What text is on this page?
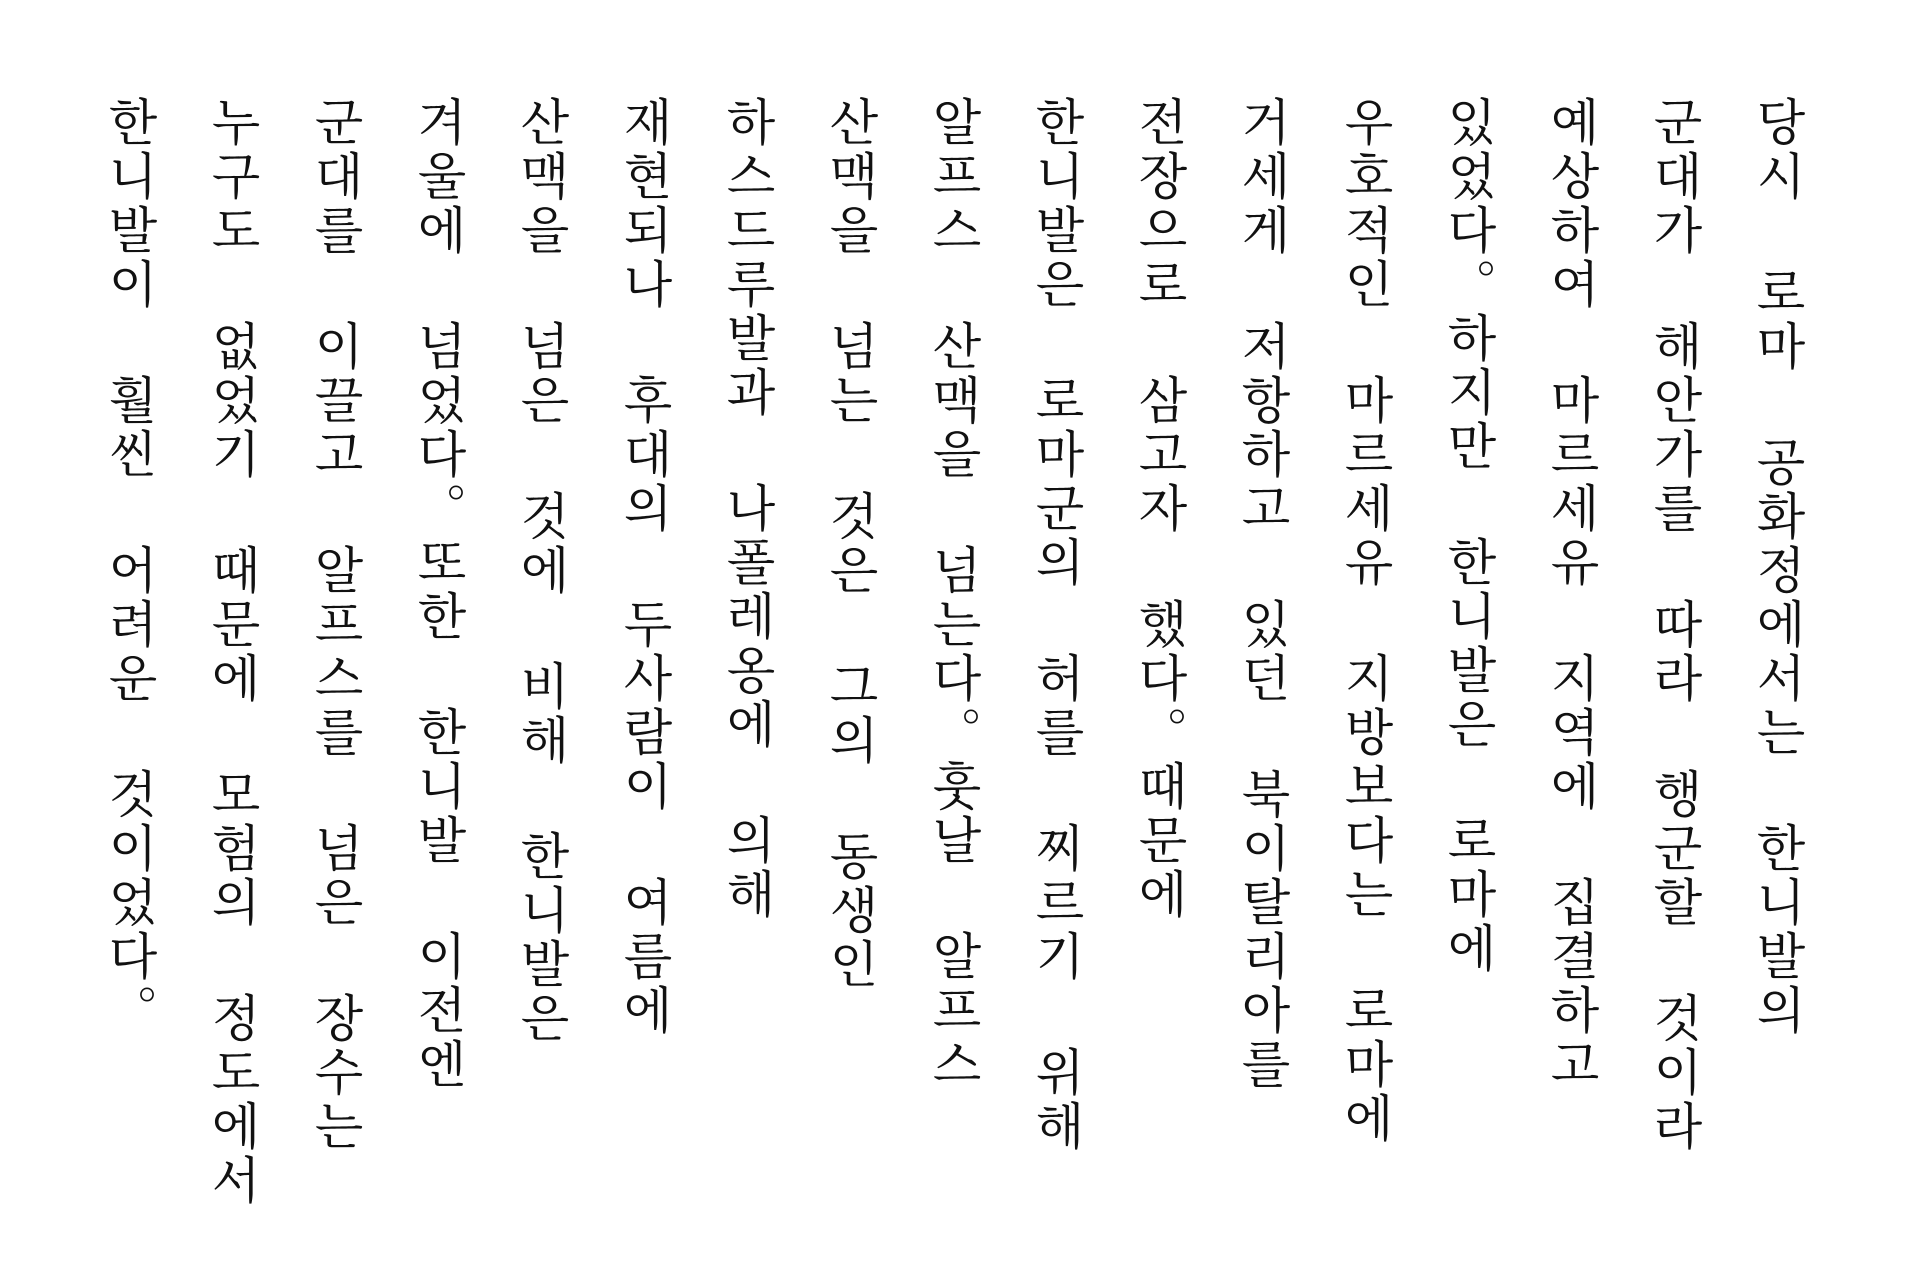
당시 로마 공화정에서는 한니발의
군대가 해안가를 따라 행군할 것이라
예상하여 마르세유 지역에 집결하고
있었다。하지만 한니발은 로마에
우호적인 마르세유 지방보다는 로마에
거세게 저항하고 있던 북이탈리아를
전장으로 삼고자 했다。때문에
한니발은 로마군의 허를 찌르기 위해
알프스 산맥을 넘는다。훗날 알프스
산맥을 넘는 것은 그의 동생인
하스드루발과 나폴레옹에 의해
재현되나 후대의 두사람이 여름에
산맥을 넘은 것에 비해 한니발은
겨울에 넘었다。또한 한니발 이전엔
군대를 이끌고 알프스를 넘은 장수는
누구도 없었기 때문에 모험의 정도에서
한니발이 훨씬 어려운 것이었다。
